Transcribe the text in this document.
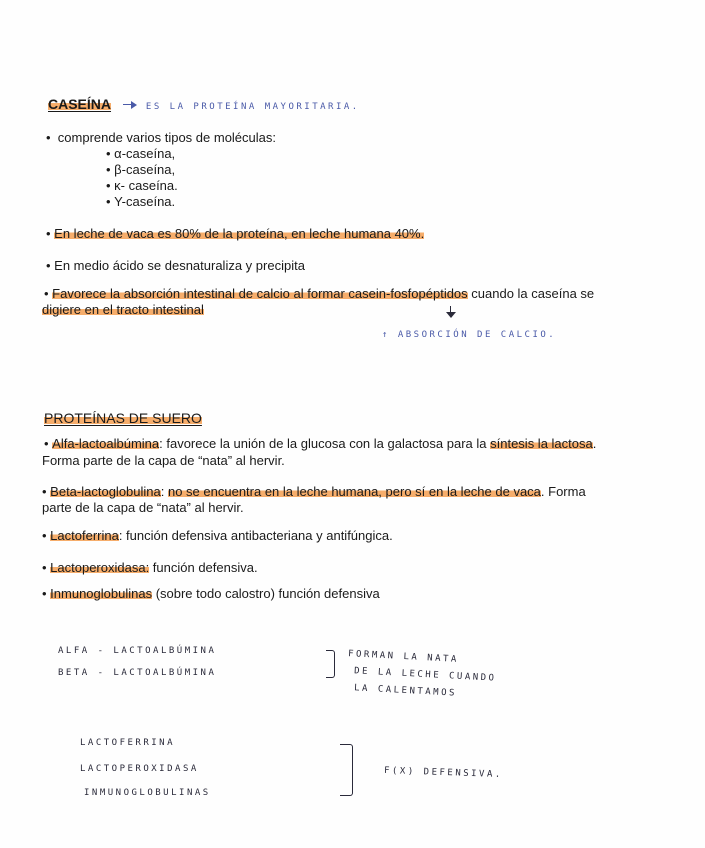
CASEÍNA	ES LA PROTEÍNA MAYORITARIA.
•  comprende varios tipos de moléculas:
• α-caseína,
• β-caseína,
• κ- caseína.
• Υ-caseína.
• En leche de vaca es 80% de la proteína, en leche humana 40%.
• En medio ácido se desnaturaliza y precipita
• Favorece la absorción intestinal de calcio al formar casein-fosfopéptidos cuando la caseína se
digiere en el tracto intestinal
↑ ABSORCIÓN DE CALCIO.
PROTEÍNAS DE SUERO
• Alfa-lactoalbúmina: favorece la unión de la glucosa con la galactosa para la síntesis la lactosa.
Forma parte de la capa de “nata” al hervir.
• Beta-lactoglobulina: no se encuentra en la leche humana, pero sí en la leche de vaca. Forma
parte de la capa de “nata” al hervir.
• Lactoferrina: función defensiva antibacteriana y antifúngica.
• Lactoperoxidasa: función defensiva.
• Inmunoglobulinas (sobre todo calostro) función defensiva
ALFA - LACTOALBÚMINA
BETA - LACTOALBÚMINA
FORMAN LA NATA
DE LA LECHE CUANDO
LA CALENTAMOS
LACTOFERRINA
LACTOPEROXIDASA
INMUNOGLOBULINAS
F(X) DEFENSIVA.
